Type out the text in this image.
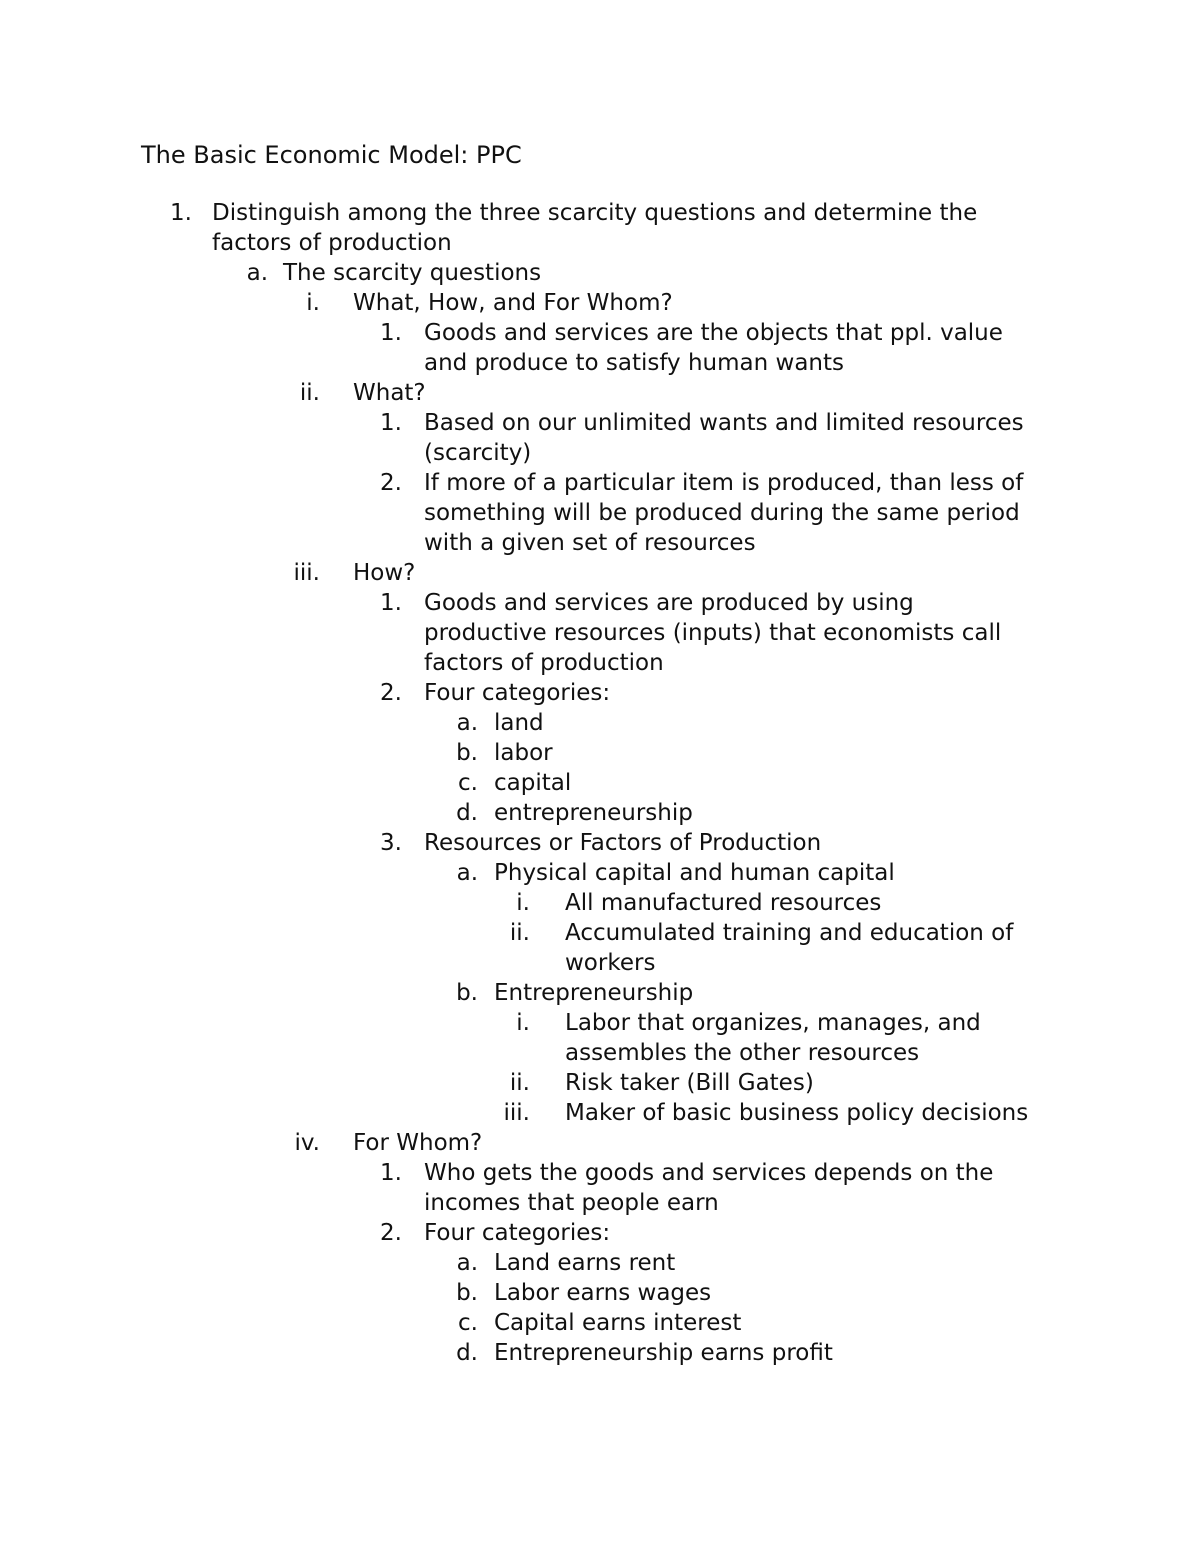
The Basic Economic Model: PPC
1. Distinguish among the three scarcity questions and determine the
factors of production
a. The scarcity questions
i. What, How, and For Whom?
1. Goods and services are the objects that ppl. value
and produce to satisfy human wants
ii. What?
1. Based on our unlimited wants and limited resources
(scarcity)
2. If more of a particular item is produced, than less of
something will be produced during the same period
with a given set of resources
iii. How?
1. Goods and services are produced by using
productive resources (inputs) that economists call
factors of production
2. Four categories:
a. land
b. labor
c. capital
d. entrepreneurship
3. Resources or Factors of Production
a. Physical capital and human capital
i. All manufactured resources
ii. Accumulated training and education of
workers
b. Entrepreneurship
i. Labor that organizes, manages, and
assembles the other resources
ii. Risk taker (Bill Gates)
iii. Maker of basic business policy decisions
iv. For Whom?
1. Who gets the goods and services depends on the
incomes that people earn
2. Four categories:
a. Land earns rent
b. Labor earns wages
c. Capital earns interest
d. Entrepreneurship earns profit
